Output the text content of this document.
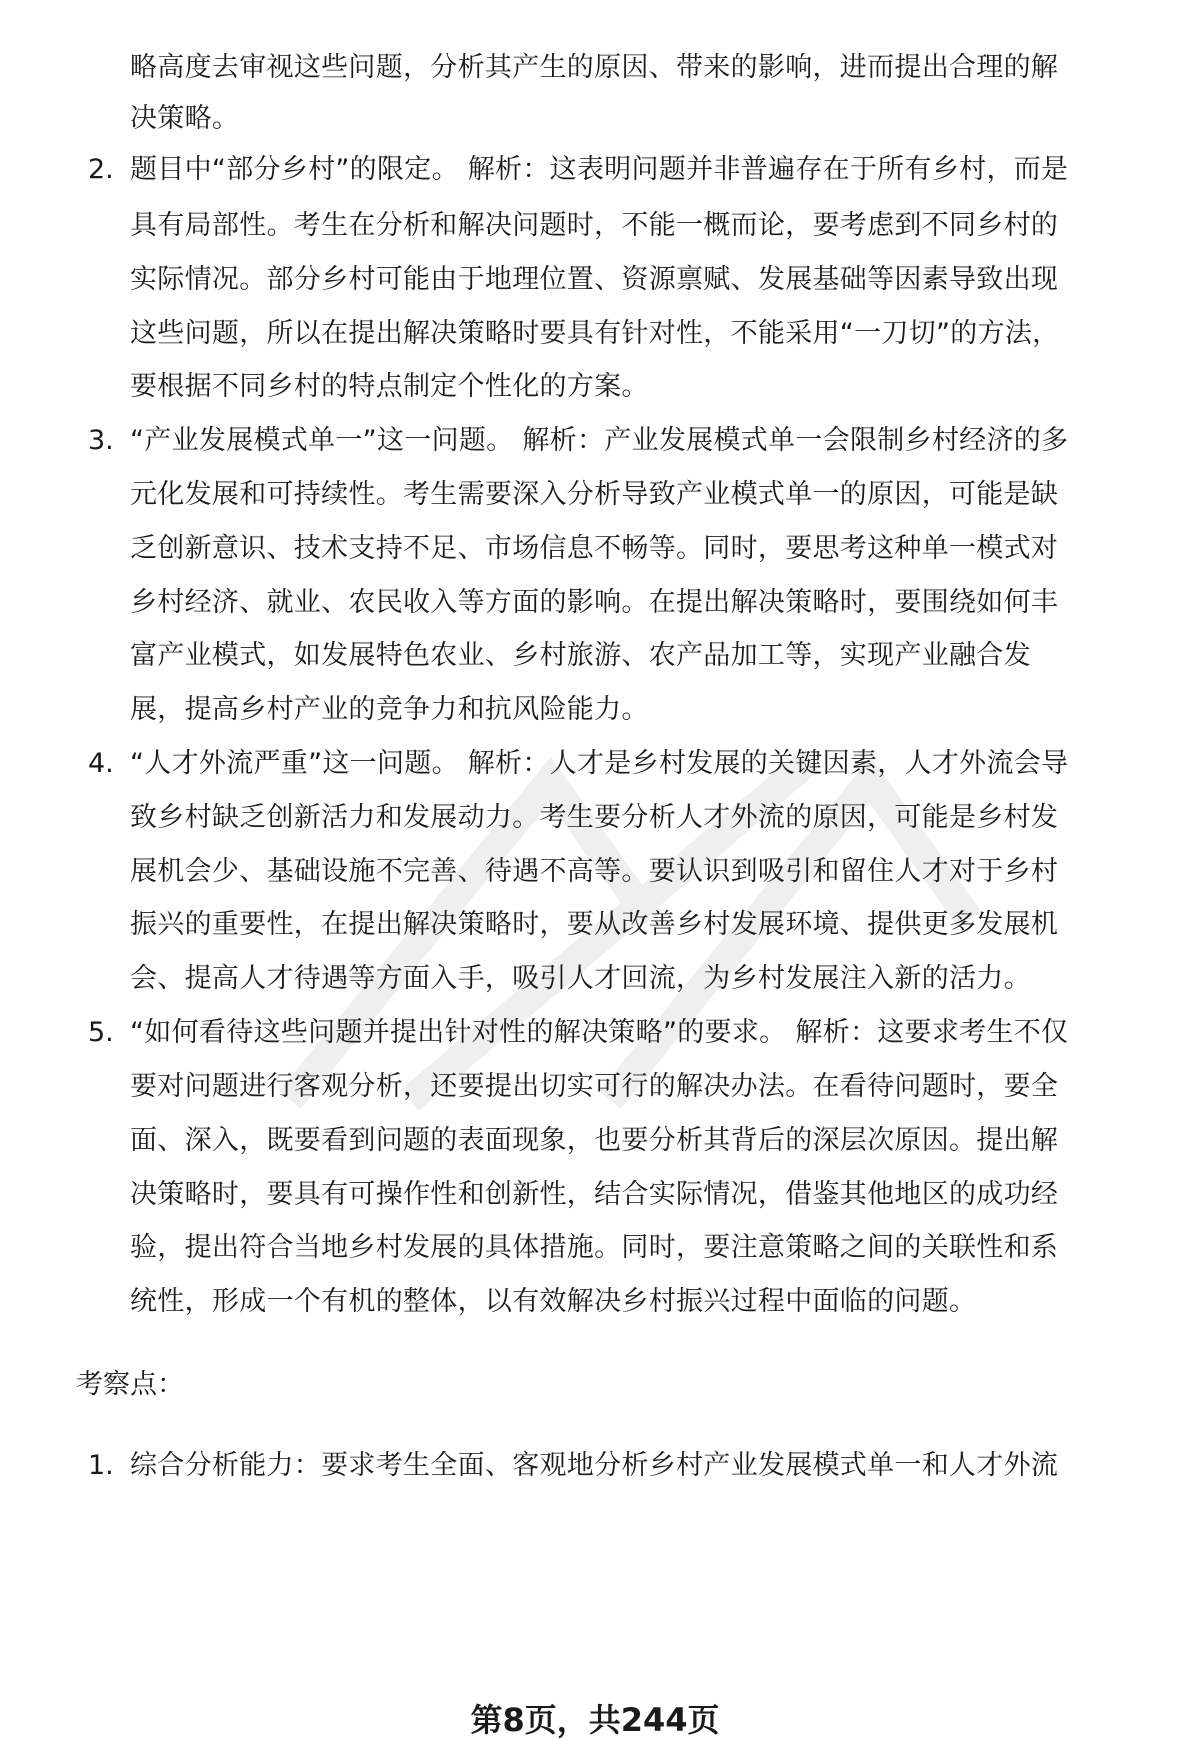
略高度去审视这些问题，分析其产生的原因、带来的影响，进而提出合理的解
决策略。
2. 题目中“部分乡村”的限定。 解析：这表明问题并非普遍存在于所有乡村，而是
具有局部性。考生在分析和解决问题时，不能一概而论，要考虑到不同乡村的
实际情况。部分乡村可能由于地理位置、资源禀赋、发展基础等因素导致出现
这些问题，所以在提出解决策略时要具有针对性，不能采用“一刀切”的方法，
要根据不同乡村的特点制定个性化的方案。
3. “产业发展模式单一”这一问题。 解析：产业发展模式单一会限制乡村经济的多
元化发展和可持续性。考生需要深入分析导致产业模式单一的原因，可能是缺
乏创新意识、技术支持不足、市场信息不畅等。同时，要思考这种单一模式对
乡村经济、就业、农民收入等方面的影响。在提出解决策略时，要围绕如何丰
富产业模式，如发展特色农业、乡村旅游、农产品加工等，实现产业融合发
展，提高乡村产业的竞争力和抗风险能力。
4. “人才外流严重”这一问题。 解析：人才是乡村发展的关键因素，人才外流会导
致乡村缺乏创新活力和发展动力。考生要分析人才外流的原因，可能是乡村发
展机会少、基础设施不完善、待遇不高等。要认识到吸引和留住人才对于乡村
振兴的重要性，在提出解决策略时，要从改善乡村发展环境、提供更多发展机
会、提高人才待遇等方面入手，吸引人才回流，为乡村发展注入新的活力。
5. “如何看待这些问题并提出针对性的解决策略”的要求。 解析：这要求考生不仅
要对问题进行客观分析，还要提出切实可行的解决办法。在看待问题时，要全
面、深入，既要看到问题的表面现象，也要分析其背后的深层次原因。提出解
决策略时，要具有可操作性和创新性，结合实际情况，借鉴其他地区的成功经
验，提出符合当地乡村发展的具体措施。同时，要注意策略之间的关联性和系
统性，形成一个有机的整体，以有效解决乡村振兴过程中面临的问题。
考察点：
1. 综合分析能力：要求考生全面、客观地分析乡村产业发展模式单一和人才外流
第8页，共244页
